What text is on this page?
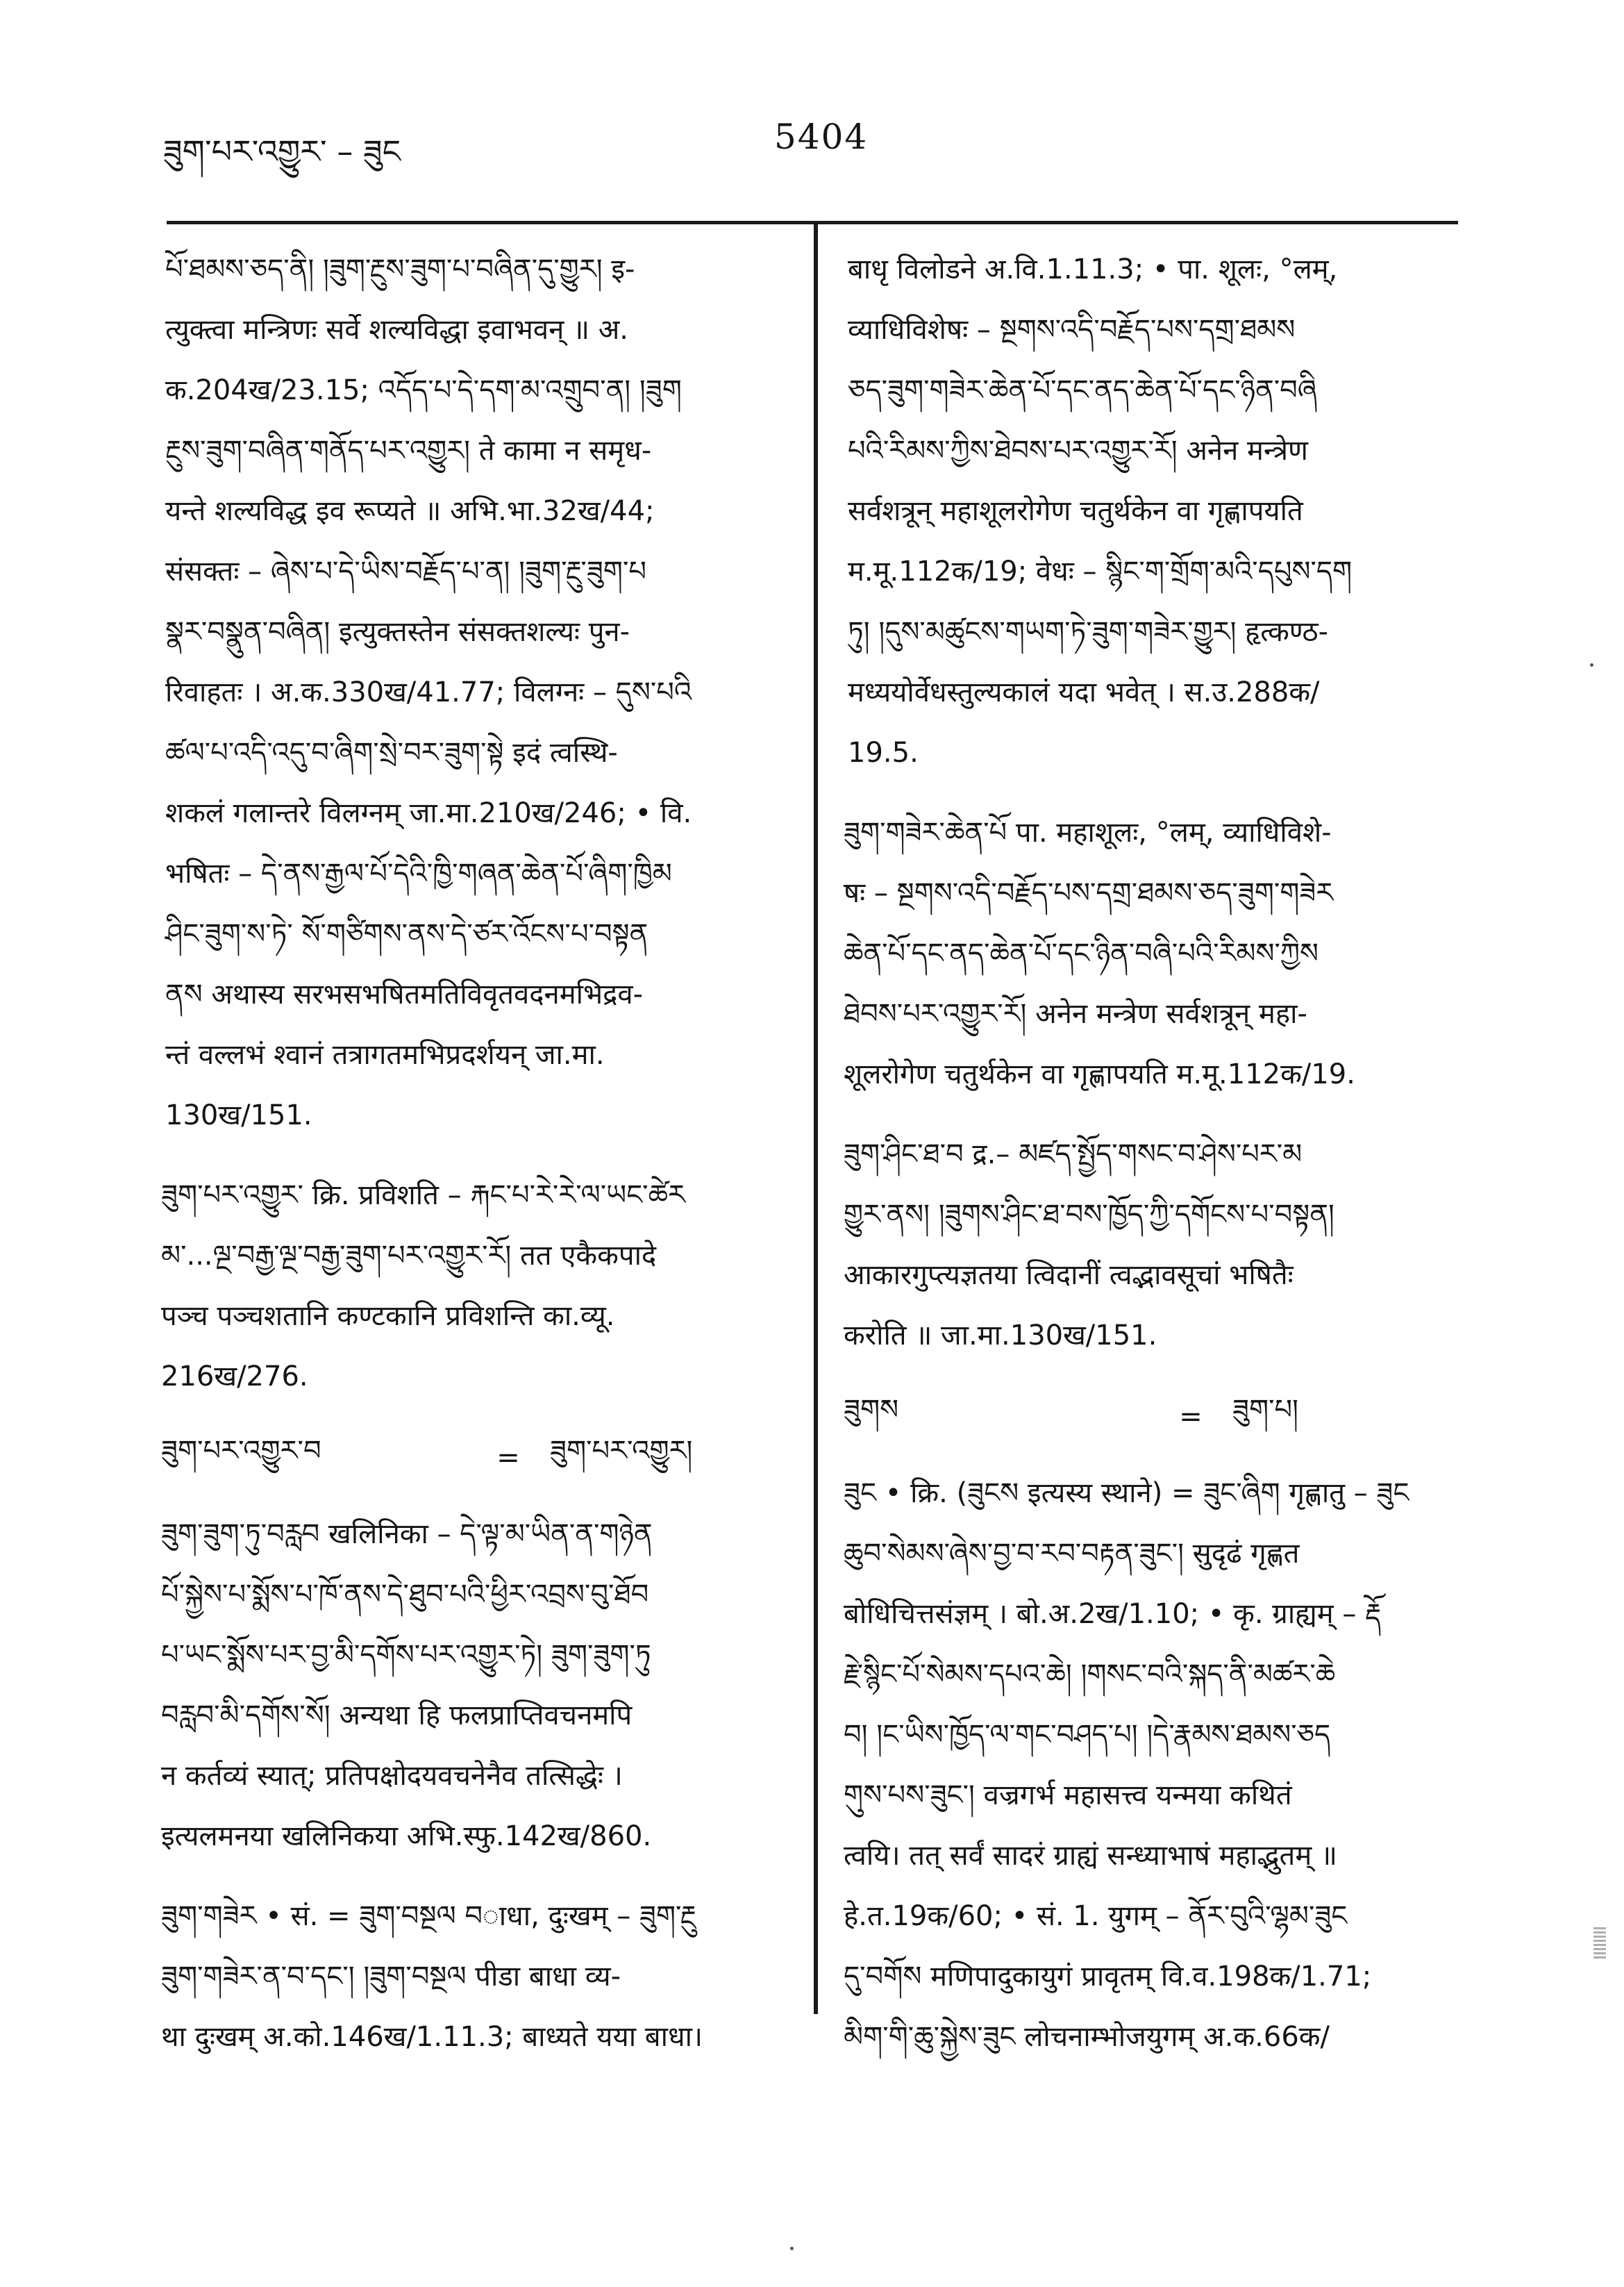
ཟུག་པར་འགྱུར་ – ཟུང	5404
པོ་ཐམས་ཅད་ནི། །ཟུག་རྔུས་ཟུག་པ་བཞིན་དུ་གྱུར། इ-
त्युक्त्वा मन्त्रिणः सर्वे शल्यविद्धा इवाभवन् ॥ अ.
क.204ख/23.15; འདོད་པ་དེ་དག་མ་འགྲུབ་ན། །ཟུག
རྔུས་ཟུག་བཞིན་གནོད་པར་འགྱུར། ते कामा न समृध-
यन्ते शल्यविद्ध इव रूप्यते ॥ अभि.भा.32ख/44;
संसक्तः – ཞེས་པ་དེ་ཡིས་བརྗོད་པ་ན། །ཟུག་རྔུ་ཟུག་པ
སྣར་བསྣུན་བཞིན། इत्युक्तस्तेन संसक्तशल्यः पुन-
रिवाहतः । अ.क.330ख/41.77; विलग्नः – དུས་པའི
ཚལ་པ་འདི་འདུ་བ་ཞིག་སྲེ་བར་ཟུག་སྟེ इदं त्वस्थि-
शकलं गलान्तरे विलग्नम् जा.मा.210ख/246; • वि.
भषितः – དེ་ནས་རྒྱལ་པོ་དེའི་ཁྱི་གཞན་ཆེན་པོ་ཞིག་ཁྱིམ
ཤིང་ཟུག་ས་ཏེ་ སོ་གཙིགས་ནས་དེ་ཙར་འོངས་པ་བསྟན
ནས अथास्य सरभसभषितमतिविवृतवदनमभिद्रव-
न्तं वल्लभं श्वानं तत्रागतमभिप्रदर्शयन् जा.मा.
130ख/151.
ཟུག་པར་འགྱུར་ क्रि. प्रविशति – རྐང་པ་རེ་རེ་ལ་ཡང་ཚེར
མ་...ལྔ་བརྒྱ་ལྔ་བརྒྱ་ཟུག་པར་འགྱུར་རོ། तत एकैकपादे
पञ्च पञ्चशतानि कण्टकानि प्रविशन्ति का.व्यू.
216ख/276.
ཟུག་པར་འགྱུར་བ	=	ཟུག་པར་འགྱུར།
ཟུག་ཟུག་ཏུ་བརླབ खलिनिका – དེ་ལྟ་མ་ཡིན་ན་གཉེན
པོ་སྐྱེས་པ་སྨོས་པ་ཁོ་ནས་དེ་ཐུབ་པའི་ཕྱིར་འབྲས་བུ་ཐོབ
པ་ཡང་སྨོས་པར་བྱ་མི་དགོས་པར་འགྱུར་ཏེ། ཟུག་ཟུག་ཏུ
བརླབ་མི་དགོས་སོ། अन्यथा हि फलप्राप्तिवचनमपि
न कर्तव्यं स्यात्; प्रतिपक्षोदयवचनेनैव तत्सिद्धेः ।
इत्यलमनया खलिनिकया अभि.स्फु.142ख/860.
ཟུག་གཟེར • सं. = ཟུག་བསྔལ བाधा, दुःखम् – ཟུག་རྔུ
ཟུག་གཟེར་ན་བ་དང་། །ཟུག་བསྔལ पीडा बाधा व्य-
था दुःखम् अ.को.146ख/1.11.3; बाध्यते यया बाधा।
बाधृ विलोडने अ.वि.1.11.3; • पा. शूलः, °लम्,
व्याधिविशेषः – སྔགས་འདི་བརྗོད་པས་དགྲ་ཐམས
ཅད་ཟུག་གཟེར་ཆེན་པོ་དང་ནད་ཆེན་པོ་དང་ཉིན་བཞི
པའི་རིམས་ཀྱིས་ཐེབས་པར་འགྱུར་རོ། अनेन मन्त्रेण
सर्वशत्रून् महाशूलरोगेण चतुर्थकेन वा गृह्णापयति
म.मू.112क/19; वेधः – སྙིང་ག་གྲོག་མའི་དཔུས་དག
ཏུ། །དུས་མཚུངས་གཡག་ཏེ་ཟུག་གཟེར་གྱུར། हृत्कण्ठ-
मध्ययोर्वेधस्तुल्यकालं यदा भवेत् । स.उ.288क/
19.5.
ཟུག་གཟེར་ཆེན་པོ पा. महाशूलः, °लम्, व्याधिविशे-
षः – སྔགས་འདི་བརྗོད་པས་དགྲ་ཐམས་ཅད་ཟུག་གཟེར
ཆེན་པོ་དང་ནད་ཆེན་པོ་དང་ཉིན་བཞི་པའི་རིམས་ཀྱིས
ཐེབས་པར་འགྱུར་རོ། अनेन मन्त्रेण सर्वशत्रून् महा-
शूलरोगेण चतुर्थकेन वा गृह्णापयति म.मू.112क/19.
ཟུག་ཤིང་ཐ་བ द्र.– མཛད་སྤྱོད་གསང་བ་ཤེས་པར་མ
གྱུར་ནས། །ཟུགས་ཤིང་ཐ་བས་ཁྱོད་ཀྱི་དགོངས་པ་བསྟན།
आकारगुप्त्यज्ञतया त्विदानीं त्वद्भावसूचां भषितैः
करोति ॥ जा.मा.130ख/151.
ཟུགས	=	ཟུག་པ།
ཟུང • क्रि. (ཟུངས इत्यस्य स्थाने) = ཟུང་ཞིག गृह्णातु – ཟུང
ཆུབ་སེམས་ཞེས་བྱ་བ་རབ་བརྟན་ཟུང་། सुदृढं गृह्णत
बोधिचित्तसंज्ञम् । बो.अ.2ख/1.10; • कृ. ग्राह्यम् – རྡོ
རྗེ་སྙིང་པོ་སེམས་དཔའ་ཆེ། །གསང་བའི་སྐད་ནི་མཚར་ཆེ
བ། །ང་ཡིས་ཁྱོད་ལ་གང་བཤད་པ། །དེ་རྣམས་ཐམས་ཅད
གུས་པས་ཟུང་། वज्रगर्भ महासत्त्व यन्मया कथितं
त्वयि। तत् सर्वं सादरं ग्राह्यं सन्ध्याभाषं महाद्भुतम् ॥
हे.त.19क/60; • सं. 1. युगम् – ནོར་བུའི་ལྷམ་ཟུང
དུ་བགོས मणिपादुकायुगं प्रावृतम् वि.व.198क/1.71;
མིག་གི་ཆུ་སྐྱེས་ཟུང लोचनाम्भोजयुगम् अ.क.66क/
